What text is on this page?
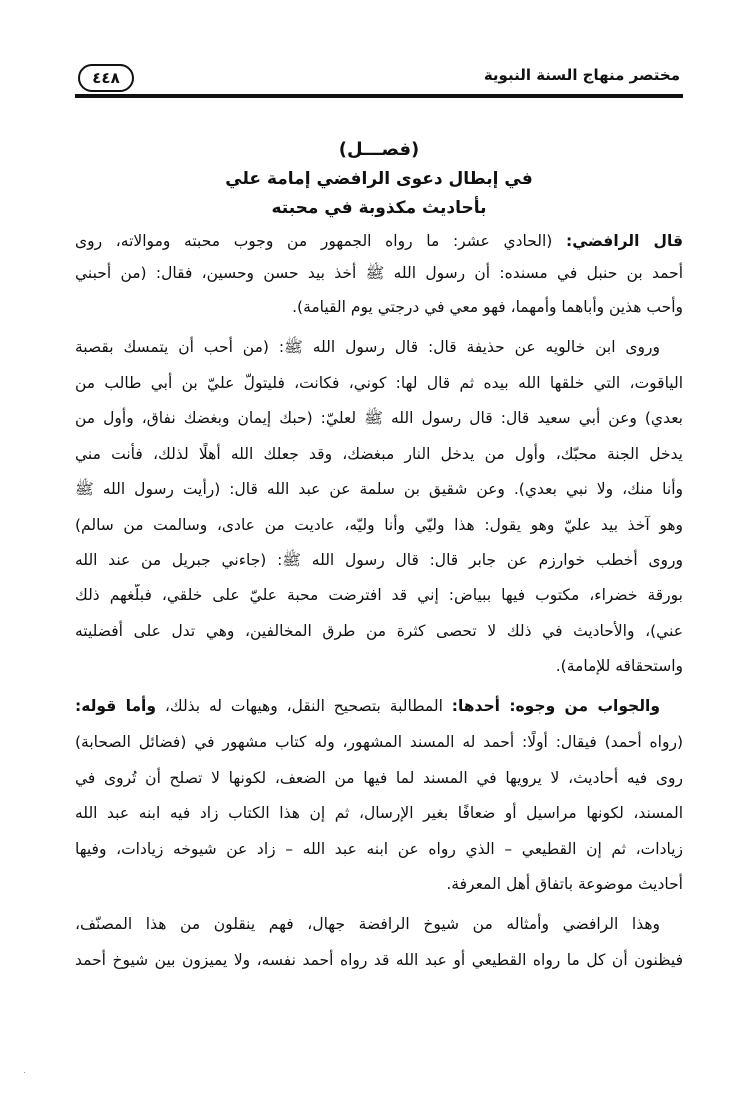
مختصر منهاج السنة النبوية
٤٤٨
(فصـــل)
في إبطال دعوى الرافضي إمامة علي
بأحاديث مكذوبة في محبته
قال الرافضي: (الحادي عشر: ما رواه الجمهور من وجوب محبته وموالاته، روى
أحمد بن حنبل في مسنده: أن رسول الله ﷺ أخذ بيد حسن وحسين، فقال: (من أحبني
وأحب هذين وأباهما وأمهما، فهو معي في درجتي يوم القيامة).
وروى ابن خالويه عن حذيفة قال: قال رسول الله ﷺ: (من أحب أن يتمسك بقصبة
الياقوت، التي خلقها الله بيده ثم قال لها: كوني، فكانت، فليتولّ عليّ بن أبي طالب من
بعدي) وعن أبي سعيد قال: قال رسول الله ﷺ لعليّ: (حبك إيمان وبغضك نفاق، وأول من
يدخل الجنة محبّك، وأول من يدخل النار مبغضك، وقد جعلك الله أهلًا لذلك، فأنت مني
وأنا منك، ولا نبي بعدي). وعن شقيق بن سلمة عن عبد الله قال: (رأيت رسول الله ﷺ
وهو آخذ بيد عليّ وهو يقول: هذا وليّي وأنا وليّه، عاديت من عادى، وسالمت من سالم)
وروى أخطب خوارزم عن جابر قال: قال رسول الله ﷺ: (جاءني جبريل من عند الله
بورقة خضراء، مكتوب فيها ببياض: إني قد افترضت محبة عليّ على خلقي، فبلّغهم ذلك
عني)، والأحاديث في ذلك لا تحصى كثرة من طرق المخالفين، وهي تدل على أفضليته
واستحقاقه للإمامة).
والجواب من وجوه: أحدها: المطالبة بتصحيح النقل، وهيهات له بذلك، وأما قوله:
(رواه أحمد) فيقال: أولًا: أحمد له المسند المشهور، وله كتاب مشهور في (فضائل الصحابة)
روى فيه أحاديث، لا يرويها في المسند لما فيها من الضعف، لكونها لا تصلح أن تُروى في
المسند، لكونها مراسيل أو ضعافًا بغير الإرسال، ثم إن هذا الكتاب زاد فيه ابنه عبد الله
زيادات، ثم إن القطيعي – الذي رواه عن ابنه عبد الله – زاد عن شيوخه زيادات، وفيها
أحاديث موضوعة باتفاق أهل المعرفة.
وهذا الرافضي وأمثاله من شيوخ الرافضة جهال، فهم ينقلون من هذا المصنّف،
فيظنون أن كل ما رواه القطيعي أو عبد الله قد رواه أحمد نفسه، ولا يميزون بين شيوخ أحمد
